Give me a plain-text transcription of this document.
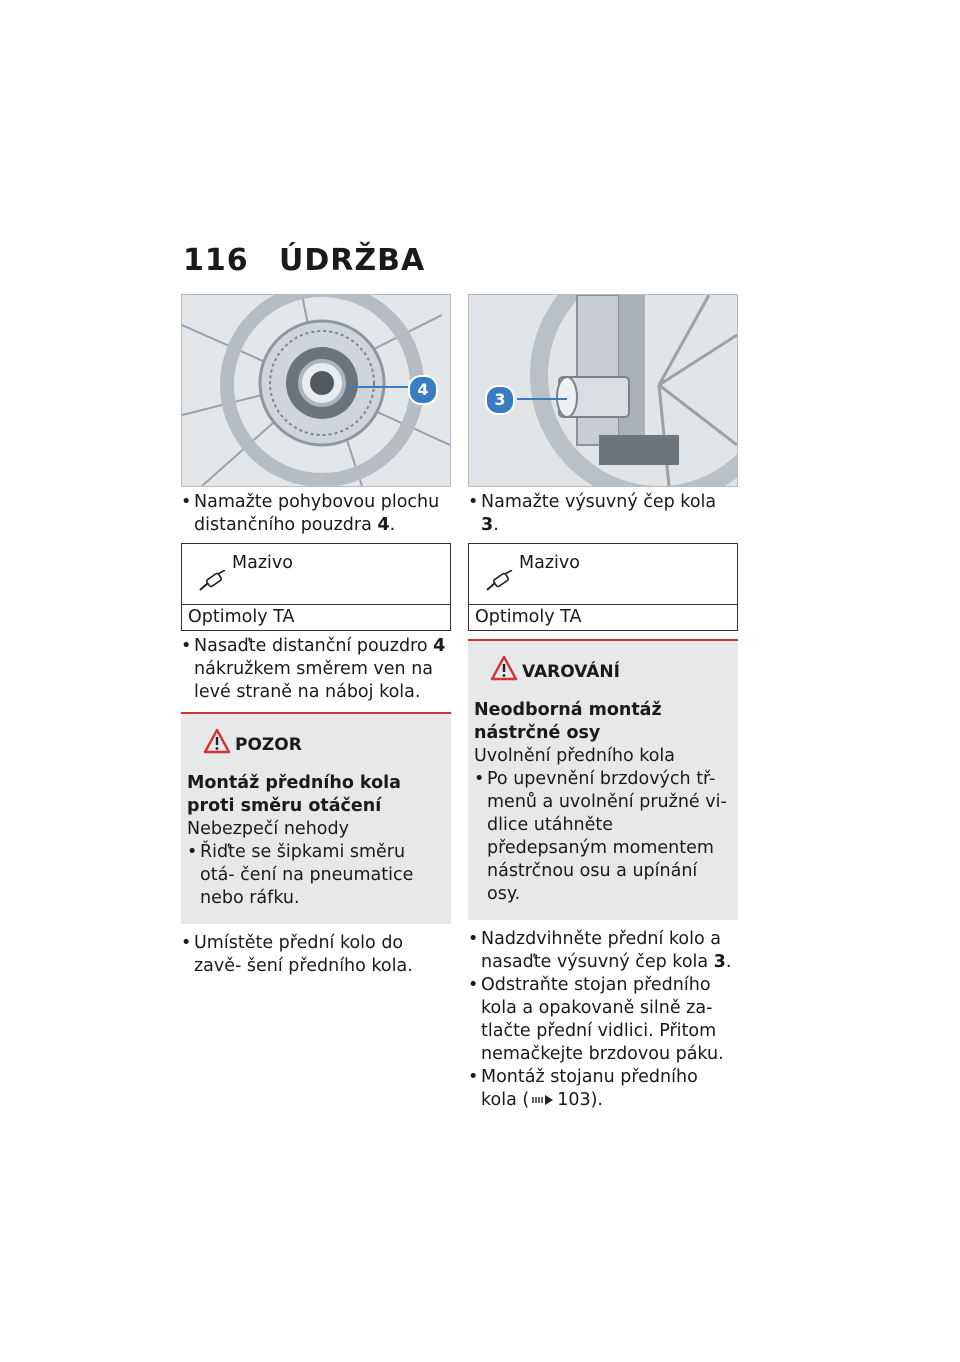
116 ÚDRŽBA
4
3

• Namažte pohybovou plochu distančního pouzdra 4.

Mazivo
Optimoly TA

• Nasaďte distanční pouzdro 4 nákružkem směrem ven na levé straně na náboj kola.

POZOR
Montáž předního kola proti směru otáčení
Nebezpečí nehody
• Řiďte se šipkami směru otá- čení na pneumatice nebo ráfku.

• Umístěte přední kolo do zavě- šení předního kola.

• Namažte výsuvný čep kola 3.

Mazivo
Optimoly TA
VAROVÁNÍ
Neodborná montáž nástrčné osy
Uvolnění předního kola
• Po upevnění brzdových tř- menů a uvolnění pružné vi- dlice utáhněte předepsaným momentem nástrčnou osu a upínání osy.

• Nadzdvihněte přední kolo a nasaďte výsuvný čep kola 3.

• Odstraňte stojan předního kola a opakovaně silně za- tlačte přední vidlici. Přitom nemačkejte brzdovou páku.

• Montáž stojanu předního kola ( 103).
